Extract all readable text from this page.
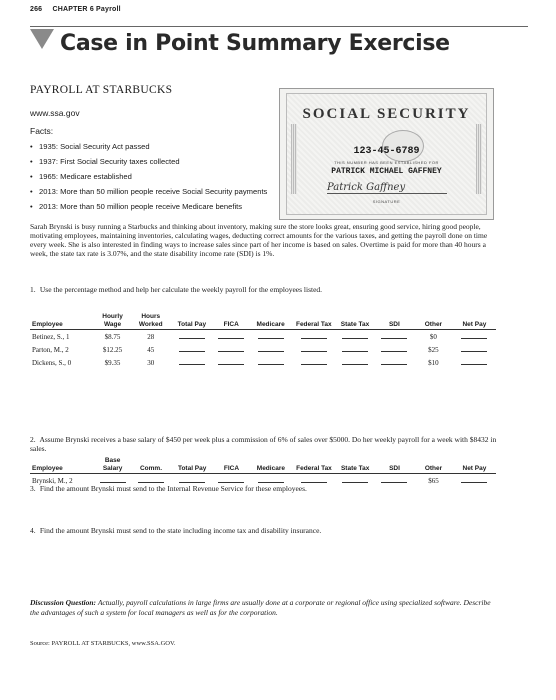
266 CHAPTER 6 Payroll
Case in Point Summary Exercise
PAYROLL AT STARBUCKS
www.ssa.gov
Facts:
• 1935: Social Security Act passed
• 1937: First Social Security taxes collected
• 1965: Medicare established
• 2013: More than 50 million people receive Social Security payments
• 2013: More than 50 million people receive Medicare benefits
SOCIAL SECURITY
123-45-6789
THIS NUMBER HAS BEEN ESTABLISHED FOR
PATRICK MICHAEL GAFFNEY
Patrick Gaffney
SIGNATURE
Sarah Brynski is busy running a Starbucks and thinking about inventory, making sure the store looks great, ensuring good service, hiring good people, motivating employees, maintaining inventories, calculating wages, deducting correct amounts for the various taxes, and getting the payroll done on time every week. She is also interested in finding ways to increase sales since part of her income is based on sales. Overtime is paid for more than 40 hours a week, the state tax rate is 3.07%, and the state disability income rate (SDI) is 1%.
1. Use the percentage method and help her calculate the weekly payroll for the employees listed.
Employee	Hourly Wage	Hours Worked	Total Pay	FICA	Medicare	Federal Tax	State Tax	SDI	Other	Net Pay
Betinez, S., 1	$8.75	28							$0	
Parton, M., 2	$12.25	45							$25	
Dickens, S., 0	$9.35	30							$10	
2. Assume Brynski receives a base salary of $450 per week plus a commission of 6% of sales over $5000. Do her weekly payroll for a week with $8432 in sales.
Employee	Base Salary	Comm.	Total Pay	FICA	Medicare	Federal Tax	State Tax	SDI	Other	Net Pay
Brynski, M., 2									$65	
3. Find the amount Brynski must send to the Internal Revenue Service for these employees.
4. Find the amount Brynski must send to the state including income tax and disability insurance.
Discussion Question: Actually, payroll calculations in large firms are usually done at a corporate or regional office using specialized software. Describe the advantages of such a system for local managers as well as for the corporation.
Source: PAYROLL AT STARBUCKS, www.SSA.GOV.
